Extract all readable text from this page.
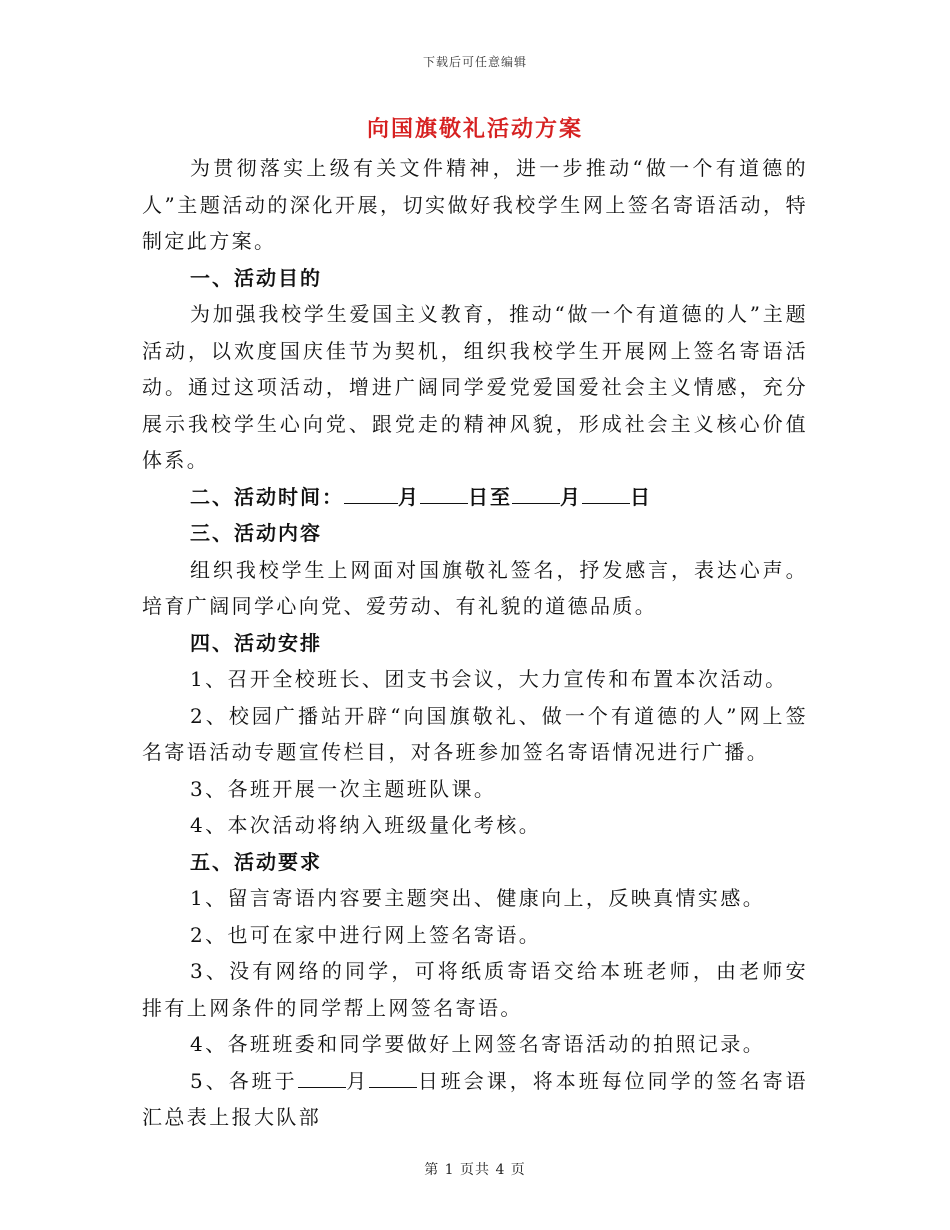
下载后可任意编辑
向国旗敬礼活动方案

为贯彻落实上级有关文件精神，进一步推动“做一个有道德的人”主题活动的深化开展，切实做好我校学生网上签名寄语活动，特制定此方案。

一、活动目的

为加强我校学生爱国主义教育，推动“做一个有道德的人”主题活动，以欢度国庆佳节为契机，组织我校学生开展网上签名寄语活动。通过这项活动，增进广阔同学爱党爱国爱社会主义情感，充分展示我校学生心向党、跟党走的精神风貌，形成社会主义核心价值体系。

二、活动时间：	月 日至 月 日

三、活动内容

组织我校学生上网面对国旗敬礼签名，抒发感言，表达心声。培育广阔同学心向党、爱劳动、有礼貌的道德品质。

四、活动安排

1、召开全校班长、团支书会议，大力宣传和布置本次活动。

2、校园广播站开辟“向国旗敬礼、做一个有道德的人”网上签名寄语活动专题宣传栏目，对各班参加签名寄语情况进行广播。

3、各班开展一次主题班队课。

4、本次活动将纳入班级量化考核。

五、活动要求

1、留言寄语内容要主题突出、健康向上，反映真情实感。

2、也可在家中进行网上签名寄语。

3、没有网络的同学，可将纸质寄语交给本班老师，由老师安排有上网条件的同学帮上网签名寄语。

4、各班班委和同学要做好上网签名寄语活动的拍照记录。

5、各班于 月 日班会课，将本班每位同学的签名寄语汇总表上报大队部

第 1 页共 4 页
